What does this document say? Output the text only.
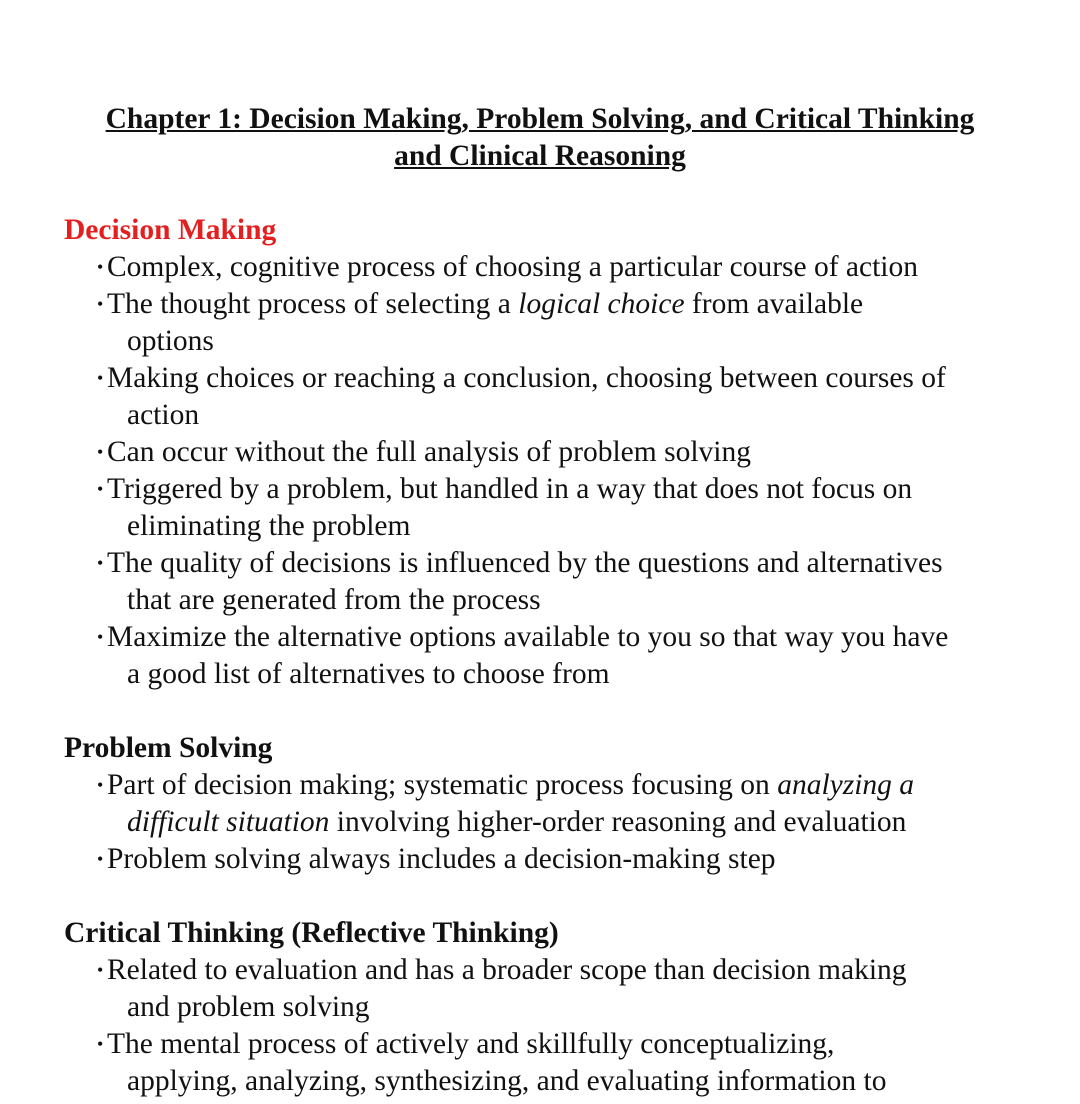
Chapter 1: Decision Making, Problem Solving, and Critical Thinking
and Clinical Reasoning
Decision Making
• Complex, cognitive process of choosing a particular course of action
• The thought process of selecting a logical choice from available
options
• Making choices or reaching a conclusion, choosing between courses of
action
• Can occur without the full analysis of problem solving
• Triggered by a problem, but handled in a way that does not focus on
eliminating the problem
• The quality of decisions is influenced by the questions and alternatives
that are generated from the process
• Maximize the alternative options available to you so that way you have
a good list of alternatives to choose from
Problem Solving
• Part of decision making; systematic process focusing on analyzing a
difficult situation involving higher-order reasoning and evaluation
• Problem solving always includes a decision-making step
Critical Thinking (Reflective Thinking)
• Related to evaluation and has a broader scope than decision making
and problem solving
• The mental process of actively and skillfully conceptualizing,
applying, analyzing, synthesizing, and evaluating information to
